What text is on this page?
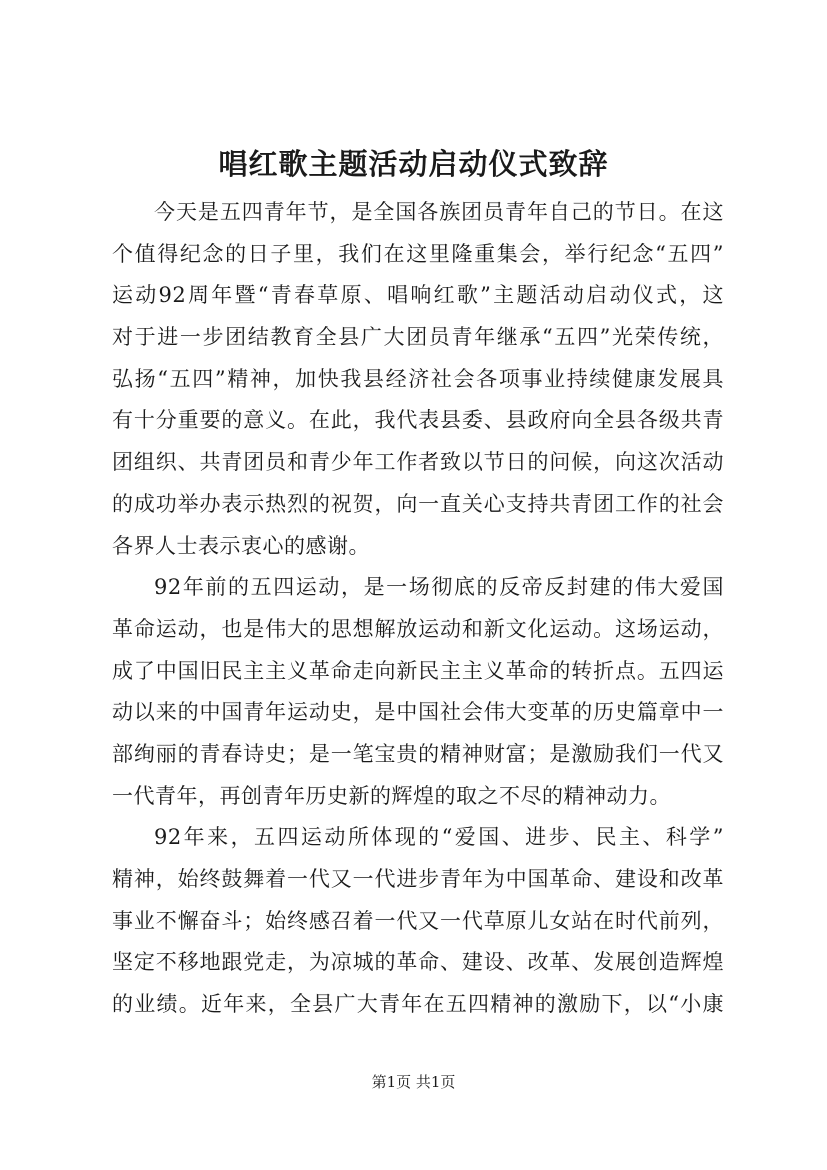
唱红歌主题活动启动仪式致辞
今天是五四青年节，是全国各族团员青年自己的节日。在这
个值得纪念的日子里，我们在这里隆重集会，举行纪念“五四”
运动92周年暨“青春草原、唱响红歌”主题活动启动仪式，这
对于进一步团结教育全县广大团员青年继承“五四”光荣传统，
弘扬“五四”精神，加快我县经济社会各项事业持续健康发展具
有十分重要的意义。在此，我代表县委、县政府向全县各级共青
团组织、共青团员和青少年工作者致以节日的问候，向这次活动
的成功举办表示热烈的祝贺，向一直关心支持共青团工作的社会
各界人士表示衷心的感谢。
92年前的五四运动，是一场彻底的反帝反封建的伟大爱国
革命运动，也是伟大的思想解放运动和新文化运动。这场运动，
成了中国旧民主主义革命走向新民主主义革命的转折点。五四运
动以来的中国青年运动史，是中国社会伟大变革的历史篇章中一
部绚丽的青春诗史；是一笔宝贵的精神财富；是激励我们一代又
一代青年，再创青年历史新的辉煌的取之不尽的精神动力。
92年来，五四运动所体现的“爱国、进步、民主、科学”
精神，始终鼓舞着一代又一代进步青年为中国革命、建设和改革
事业不懈奋斗；始终感召着一代又一代草原儿女站在时代前列，
坚定不移地跟党走，为凉城的革命、建设、改革、发展创造辉煌
的业绩。近年来，全县广大青年在五四精神的激励下，以“小康
第1页 共1页
